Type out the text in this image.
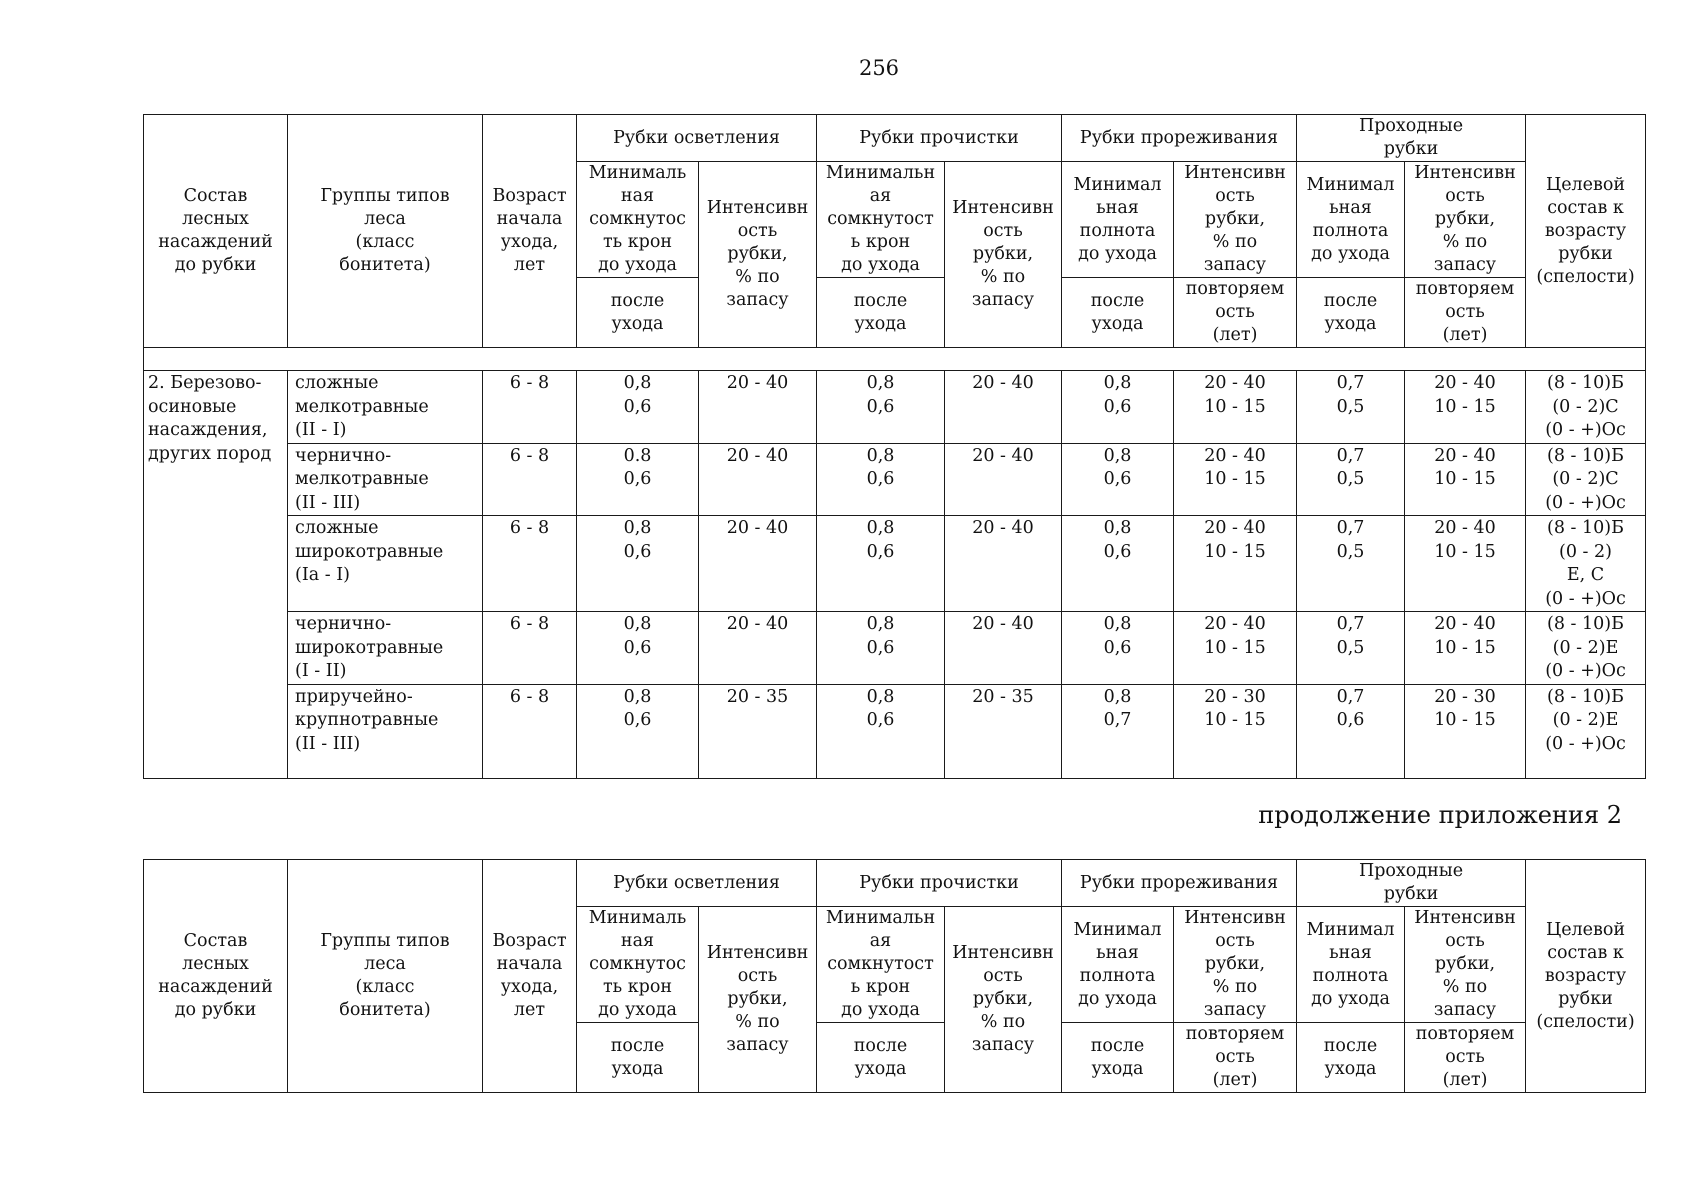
256
Состав
лесных
насаждений
до рубки	Группы типов
леса
(класс
бонитета)	Возраст
начала
ухода,
лет	Рубки осветления		Рубки прочистки		Рубки прореживания		Проходные
рубки		Целевой
состав к
возрасту
рубки
(спелости)
			Минималь
ная
сомкнутос
ть крон
до ухода	Интенсивн
ость
рубки,
% по
запасу	Минимальн
ая
сомкнутост
ь крон
до ухода	Интенсивн
ость
рубки,
% по
запасу	Минимал
ьная
полнота
до ухода	Интенсивн
ость
рубки,
% по
запасу	Минимал
ьная
полнота
до ухода	Интенсивн
ость
рубки,
% по
запасу	
			после
ухода		после
ухода		после
ухода	повторяем
ость
(лет)	после
ухода	повторяем
ость
(лет)	

2. Березово-
осиновые
насаждения,
других пород	сложные
мелкотравные
(II - I)	6 - 8	0,8
0,6	20 - 40	0,8
0,6	20 - 40	0,8
0,6	20 - 40
10 - 15	0,7
0,5	20 - 40
10 - 15	(8 - 10)Б
(0 - 2)С
(0 - +)Ос
	чернично-
мелкотравные
(II - III)	6 - 8	0.8
0,6	20 - 40	0,8
0,6	20 - 40	0,8
0,6	20 - 40
10 - 15	0,7
0,5	20 - 40
10 - 15	(8 - 10)Б
(0 - 2)С
(0 - +)Ос
	сложные
широкотравные
(Iа - I)	6 - 8	0,8
0,6	20 - 40	0,8
0,6	20 - 40	0,8
0,6	20 - 40
10 - 15	0,7
0,5	20 - 40
10 - 15	(8 - 10)Б
(0 - 2)
Е, С
(0 - +)Ос
	чернично-
широкотравные
(I - II)	6 - 8	0,8
0,6	20 - 40	0,8
0,6	20 - 40	0,8
0,6	20 - 40
10 - 15	0,7
0,5	20 - 40
10 - 15	(8 - 10)Б
(0 - 2)Е
(0 - +)Ос
	приручейно-
крупнотравные
(II - III)	6 - 8	0,8
0,6	20 - 35	0,8
0,6	20 - 35	0,8
0,7	20 - 30
10 - 15	0,7
0,6	20 - 30
10 - 15	(8 - 10)Б
(0 - 2)Е
(0 - +)Ос
продолжение приложения 2
Состав
лесных
насаждений
до рубки	Группы типов
леса
(класс
бонитета)	Возраст
начала
ухода,
лет	Рубки осветления		Рубки прочистки		Рубки прореживания		Проходные
рубки		Целевой
состав к
возрасту
рубки
(спелости)
			Минималь
ная
сомкнутос
ть крон
до ухода	Интенсивн
ость
рубки,
% по
запасу	Минимальн
ая
сомкнутост
ь крон
до ухода	Интенсивн
ость
рубки,
% по
запасу	Минимал
ьная
полнота
до ухода	Интенсивн
ость
рубки,
% по
запасу	Минимал
ьная
полнота
до ухода	Интенсивн
ость
рубки,
% по
запасу	
			после
ухода		после
ухода		после
ухода	повторяем
ость
(лет)	после
ухода	повторяем
ость
(лет)	
